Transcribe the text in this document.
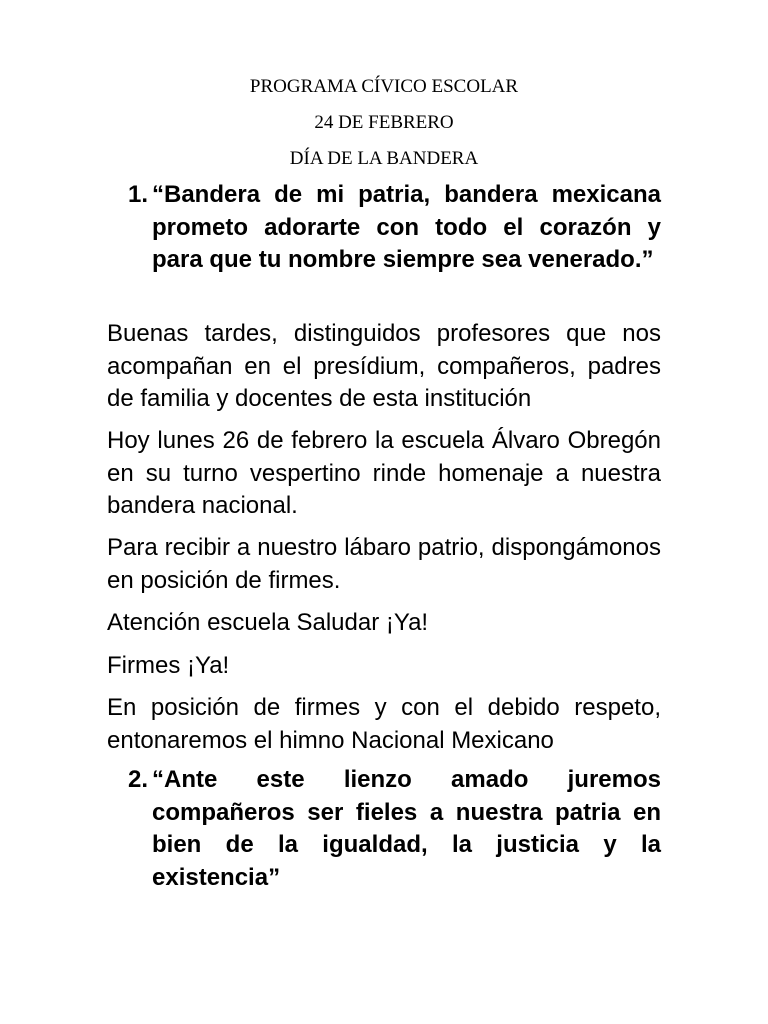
PROGRAMA CÍVICO ESCOLAR
24 DE FEBRERO
DÍA DE LA BANDERA
1. “Bandera de mi patria, bandera mexicana prometo adorarte con todo el corazón y para que tu nombre siempre sea venerado.”
Buenas tardes, distinguidos profesores que nos acompañan en el presídium, compañeros, padres de familia y docentes de esta institución
Hoy lunes 26 de febrero la escuela Álvaro Obregón en su turno vespertino rinde homenaje a nuestra bandera nacional.
Para recibir a nuestro lábaro patrio, dispongámonos en posición de firmes.
Atención escuela Saludar ¡Ya!
Firmes ¡Ya!
En posición de firmes y con el debido respeto, entonaremos el himno Nacional Mexicano
2. “Ante este lienzo amado juremos compañeros ser fieles a nuestra patria en bien de la igualdad, la justicia y la existencia”
